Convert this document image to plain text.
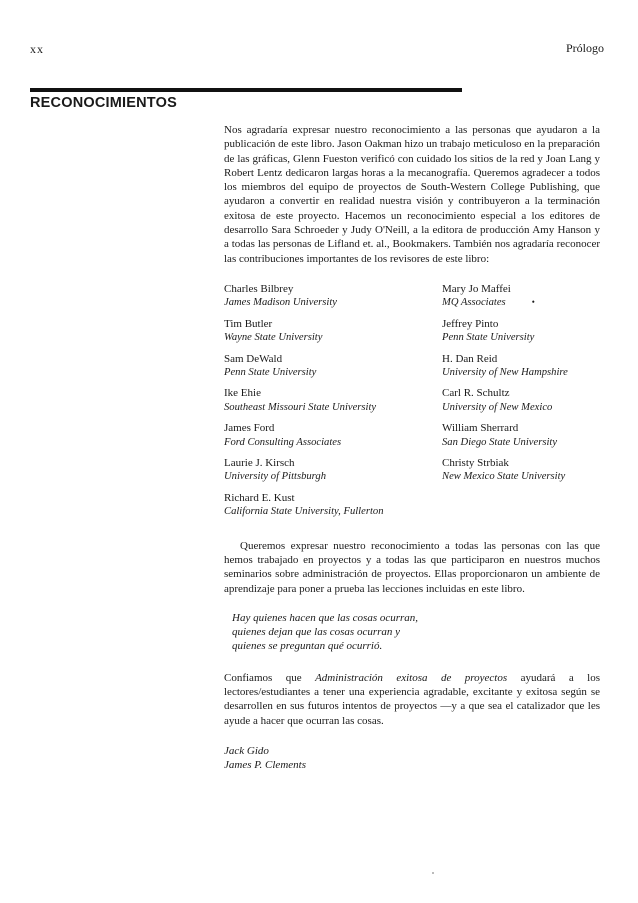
xx	Prólogo
RECONOCIMIENTOS

Nos agradaría expresar nuestro reconocimiento a las personas que ayudaron a la publicación de este libro. Jason Oakman hizo un trabajo meticuloso en la preparación de las gráficas, Glenn Fueston verificó con cuidado los sitios de la red y Joan Lang y Robert Lentz dedicaron largas horas a la mecanografía. Queremos agradecer a todos los miembros del equipo de proyectos de South-Western College Publishing, que ayudaron a convertir en realidad nuestra visión y contribuyeron a la terminación exitosa de este proyecto. Hacemos un reconocimiento especial a los editores de desarrollo Sara Schroeder y Judy O'Neill, a la editora de producción Amy Hanson y a todas las personas de Lifland et. al., Bookmakers. También nos agradaría reconocer las contribuciones importantes de los revisores de este libro:

Charles Bilbrey
James Madison University
Mary Jo Maffei
MQ Associates	•
Tim Butler
Wayne State University
Jeffrey Pinto
Penn State University
Sam DeWald
Penn State University
H. Dan Reid
University of New Hampshire
Ike Ehie
Southeast Missouri State University
Carl R. Schultz
University of New Mexico
James Ford
Ford Consulting Associates
William Sherrard
San Diego State University
Laurie J. Kirsch
University of Pittsburgh
Christy Strbiak
New Mexico State University
Richard E. Kust
California State University, Fullerton

Queremos expresar nuestro reconocimiento a todas las personas con las que hemos trabajado en proyectos y a todas las que participaron en nuestros muchos seminarios sobre administración de proyectos. Ellas proporcionaron un ambiente de aprendizaje para poner a prueba las lecciones incluidas en este libro.

Hay quienes hacen que las cosas ocurran,
quienes dejan que las cosas ocurran y
quienes se preguntan qué ocurrió.

Confiamos que Administración exitosa de proyectos ayudará a los lectores/estudiantes a tener una experiencia agradable, excitante y exitosa según se desarrollen en sus futuros intentos de proyectos —y a que sea el catalizador que les ayude a hacer que ocurran las cosas.

Jack Gido
James P. Clements
